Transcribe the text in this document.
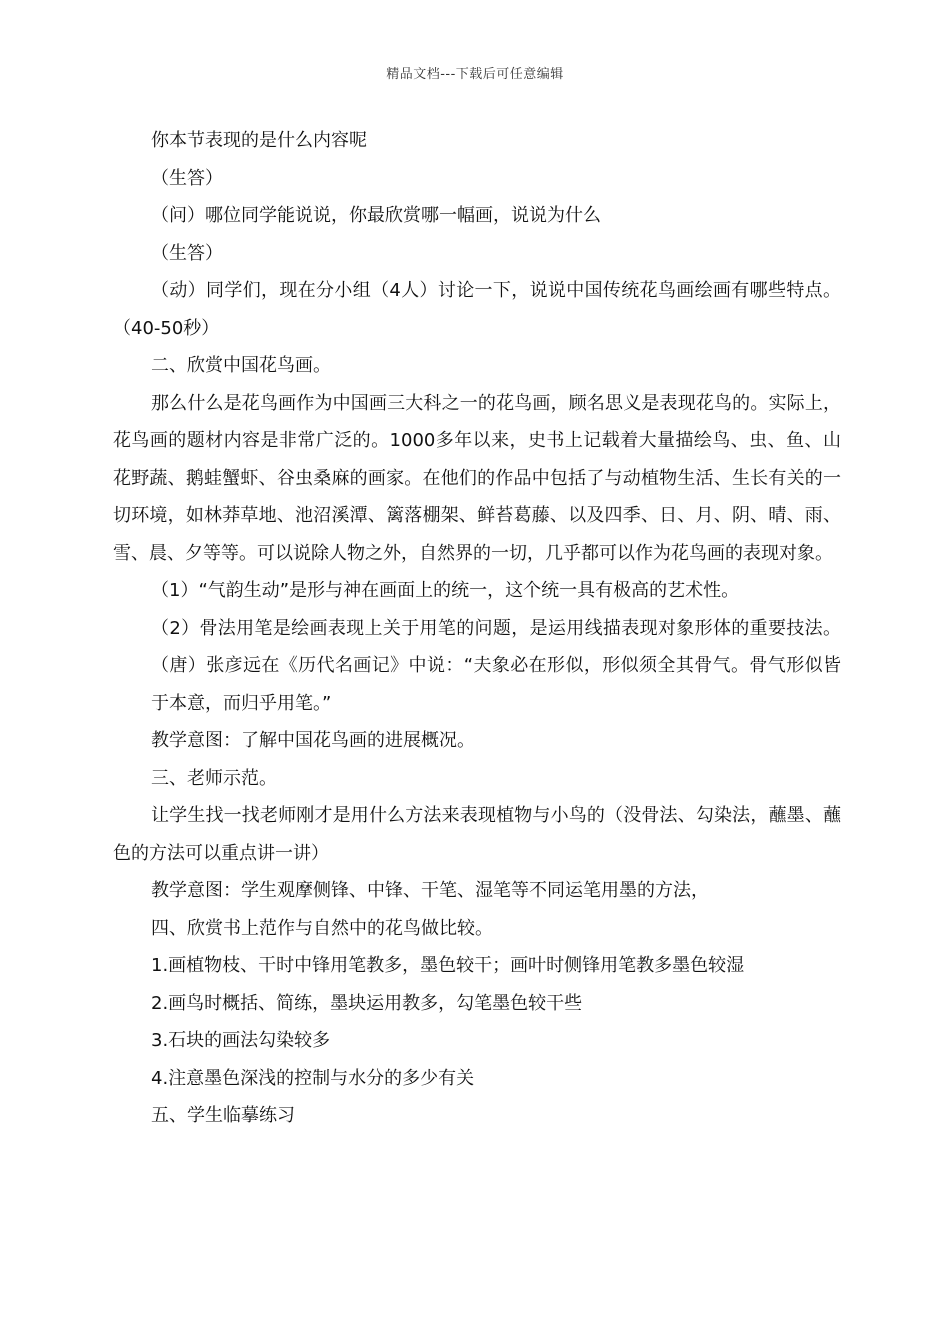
精品文档---下载后可任意编辑

你本节表现的是什么内容呢

（生答）

（问）哪位同学能说说，你最欣赏哪一幅画，说说为什么

（生答）

（动）同学们，现在分小组（4人）讨论一下，说说中国传统花鸟画绘画有哪些特点。（40-50秒）

二、欣赏中国花鸟画。

那么什么是花鸟画作为中国画三大科之一的花鸟画，顾名思义是表现花鸟的。实际上，花鸟画的题材内容是非常广泛的。1000多年以来，史书上记载着大量描绘鸟、虫、鱼、山花野蔬、鹅蛙蟹虾、谷虫桑麻的画家。在他们的作品中包括了与动植物生活、生长有关的一切环境，如林莽草地、池沼溪潭、篱落棚架、鲜苔葛藤、以及四季、日、月、阴、晴、雨、雪、晨、夕等等。可以说除人物之外，自然界的一切，几乎都可以作为花鸟画的表现对象。

（1）“气韵生动”是形与神在画面上的统一，这个统一具有极高的艺术性。

（2）骨法用笔是绘画表现上关于用笔的问题，是运用线描表现对象形体的重要技法。（唐）张彦远在《历代名画记》中说：“夫象必在形似，形似须全其骨气。骨气形似皆于本意，而归乎用笔。”

教学意图：了解中国花鸟画的进展概况。

三、老师示范。

让学生找一找老师刚才是用什么方法来表现植物与小鸟的（没骨法、勾染法，蘸墨、蘸色的方法可以重点讲一讲）

教学意图：学生观摩侧锋、中锋、干笔、湿笔等不同运笔用墨的方法，

四、欣赏书上范作与自然中的花鸟做比较。

1.画植物枝、干时中锋用笔教多，墨色较干；画叶时侧锋用笔教多墨色较湿

2.画鸟时概括、简练，墨块运用教多，勾笔墨色较干些

3.石块的画法勾染较多

4.注意墨色深浅的控制与水分的多少有关

五、学生临摹练习
